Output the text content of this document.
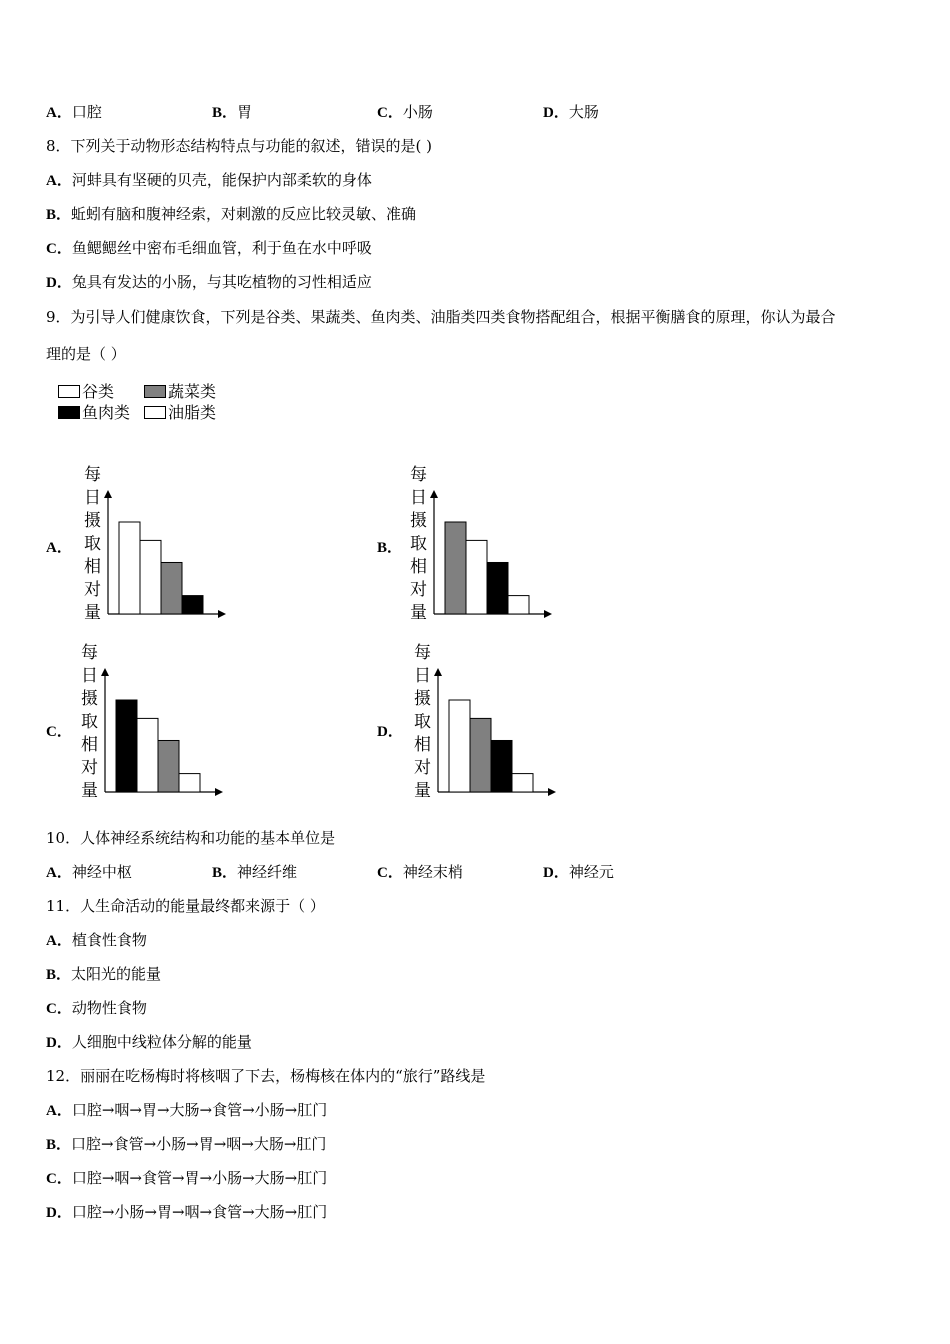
A．口腔	B．胃	C．小肠	D．大肠
8．下列关于动物形态结构特点与功能的叙述，错误的是( )
A．河蚌具有坚硬的贝壳，能保护内部柔软的身体
B．蚯蚓有脑和腹神经索，对刺激的反应比较灵敏、准确
C．鱼鳃鳃丝中密布毛细血管，利于鱼在水中呼吸
D．兔具有发达的小肠，与其吃植物的习性相适应
9．为引导人们健康饮食，下列是谷类、果蔬类、鱼肉类、油脂类四类食物搭配组合，根据平衡膳食的原理，你认为最合
理的是（ ）
谷类	蔬菜类
鱼肉类	油脂类
A．
每
日
摄
取
相
对
量
B．
每
日
摄
取
相
对
量
C．
每
日
摄
取
相
对
量
D．
每
日
摄
取
相
对
量
10．人体神经系统结构和功能的基本单位是
A．神经中枢	B．神经纤维	C．神经末梢	D．神经元
11．人生命活动的能量最终都来源于（ ）
A．植食性食物
B．太阳光的能量
C．动物性食物
D．人细胞中线粒体分解的能量
12．丽丽在吃杨梅时将核咽了下去，杨梅核在体内的“旅行”路线是
A．口腔→咽→胃→大肠→食管→小肠→肛门
B．口腔→食管→小肠→胃→咽→大肠→肛门
C．口腔→咽→食管→胃→小肠→大肠→肛门
D．口腔→小肠→胃→咽→食管→大肠→肛门
